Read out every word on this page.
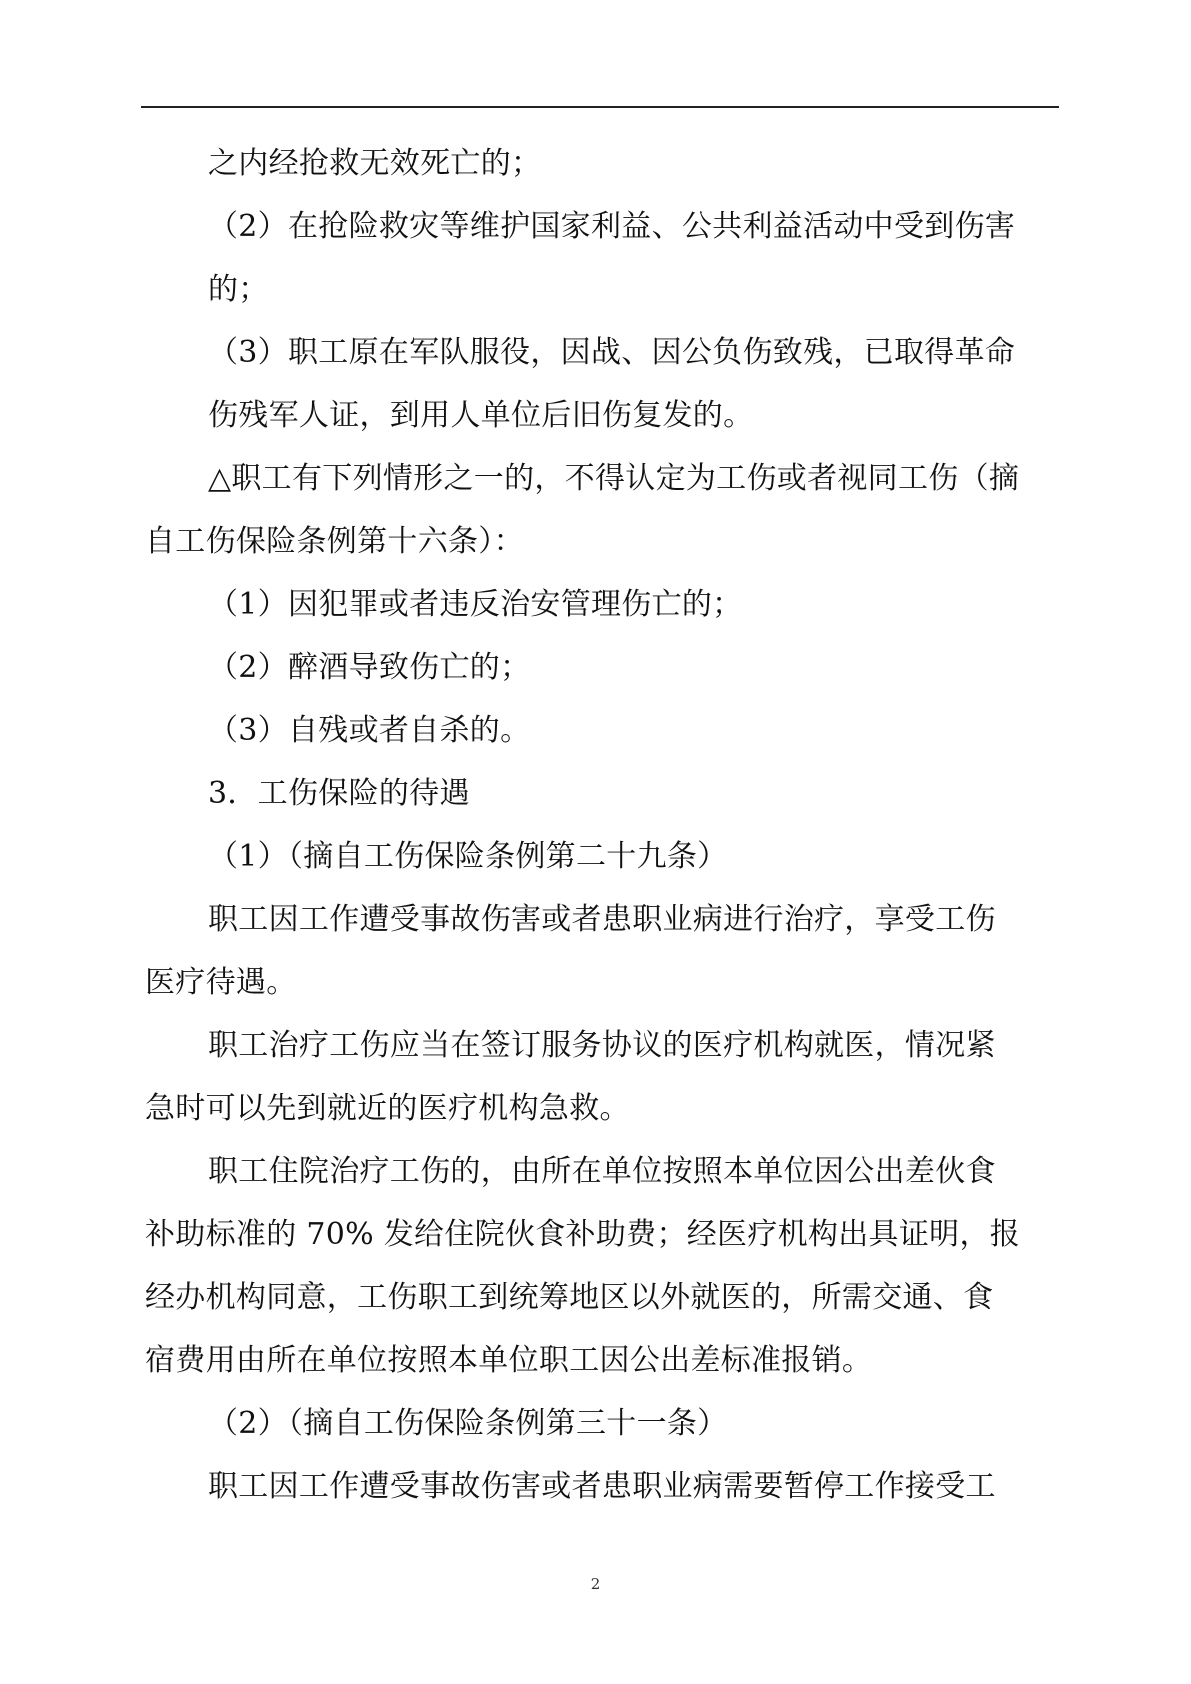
之内经抢救无效死亡的；
（2）在抢险救灾等维护国家利益、公共利益活动中受到伤害
的；
（3）职工原在军队服役，因战、因公负伤致残，已取得革命
伤残军人证，到用人单位后旧伤复发的。
△职工有下列情形之一的，不得认定为工伤或者视同工伤（摘
自工伤保险条例第十六条）：
（1）因犯罪或者违反治安管理伤亡的；
（2）醉酒导致伤亡的；
（3）自残或者自杀的。
3．工伤保险的待遇
（1）（摘自工伤保险条例第二十九条）
职工因工作遭受事故伤害或者患职业病进行治疗，享受工伤
医疗待遇。
职工治疗工伤应当在签订服务协议的医疗机构就医，情况紧
急时可以先到就近的医疗机构急救。
职工住院治疗工伤的，由所在单位按照本单位因公出差伙食
补助标准的 70% 发给住院伙食补助费；经医疗机构出具证明，报
经办机构同意，工伤职工到统筹地区以外就医的，所需交通、食
宿费用由所在单位按照本单位职工因公出差标准报销。
（2）（摘自工伤保险条例第三十一条）
职工因工作遭受事故伤害或者患职业病需要暂停工作接受工
2
